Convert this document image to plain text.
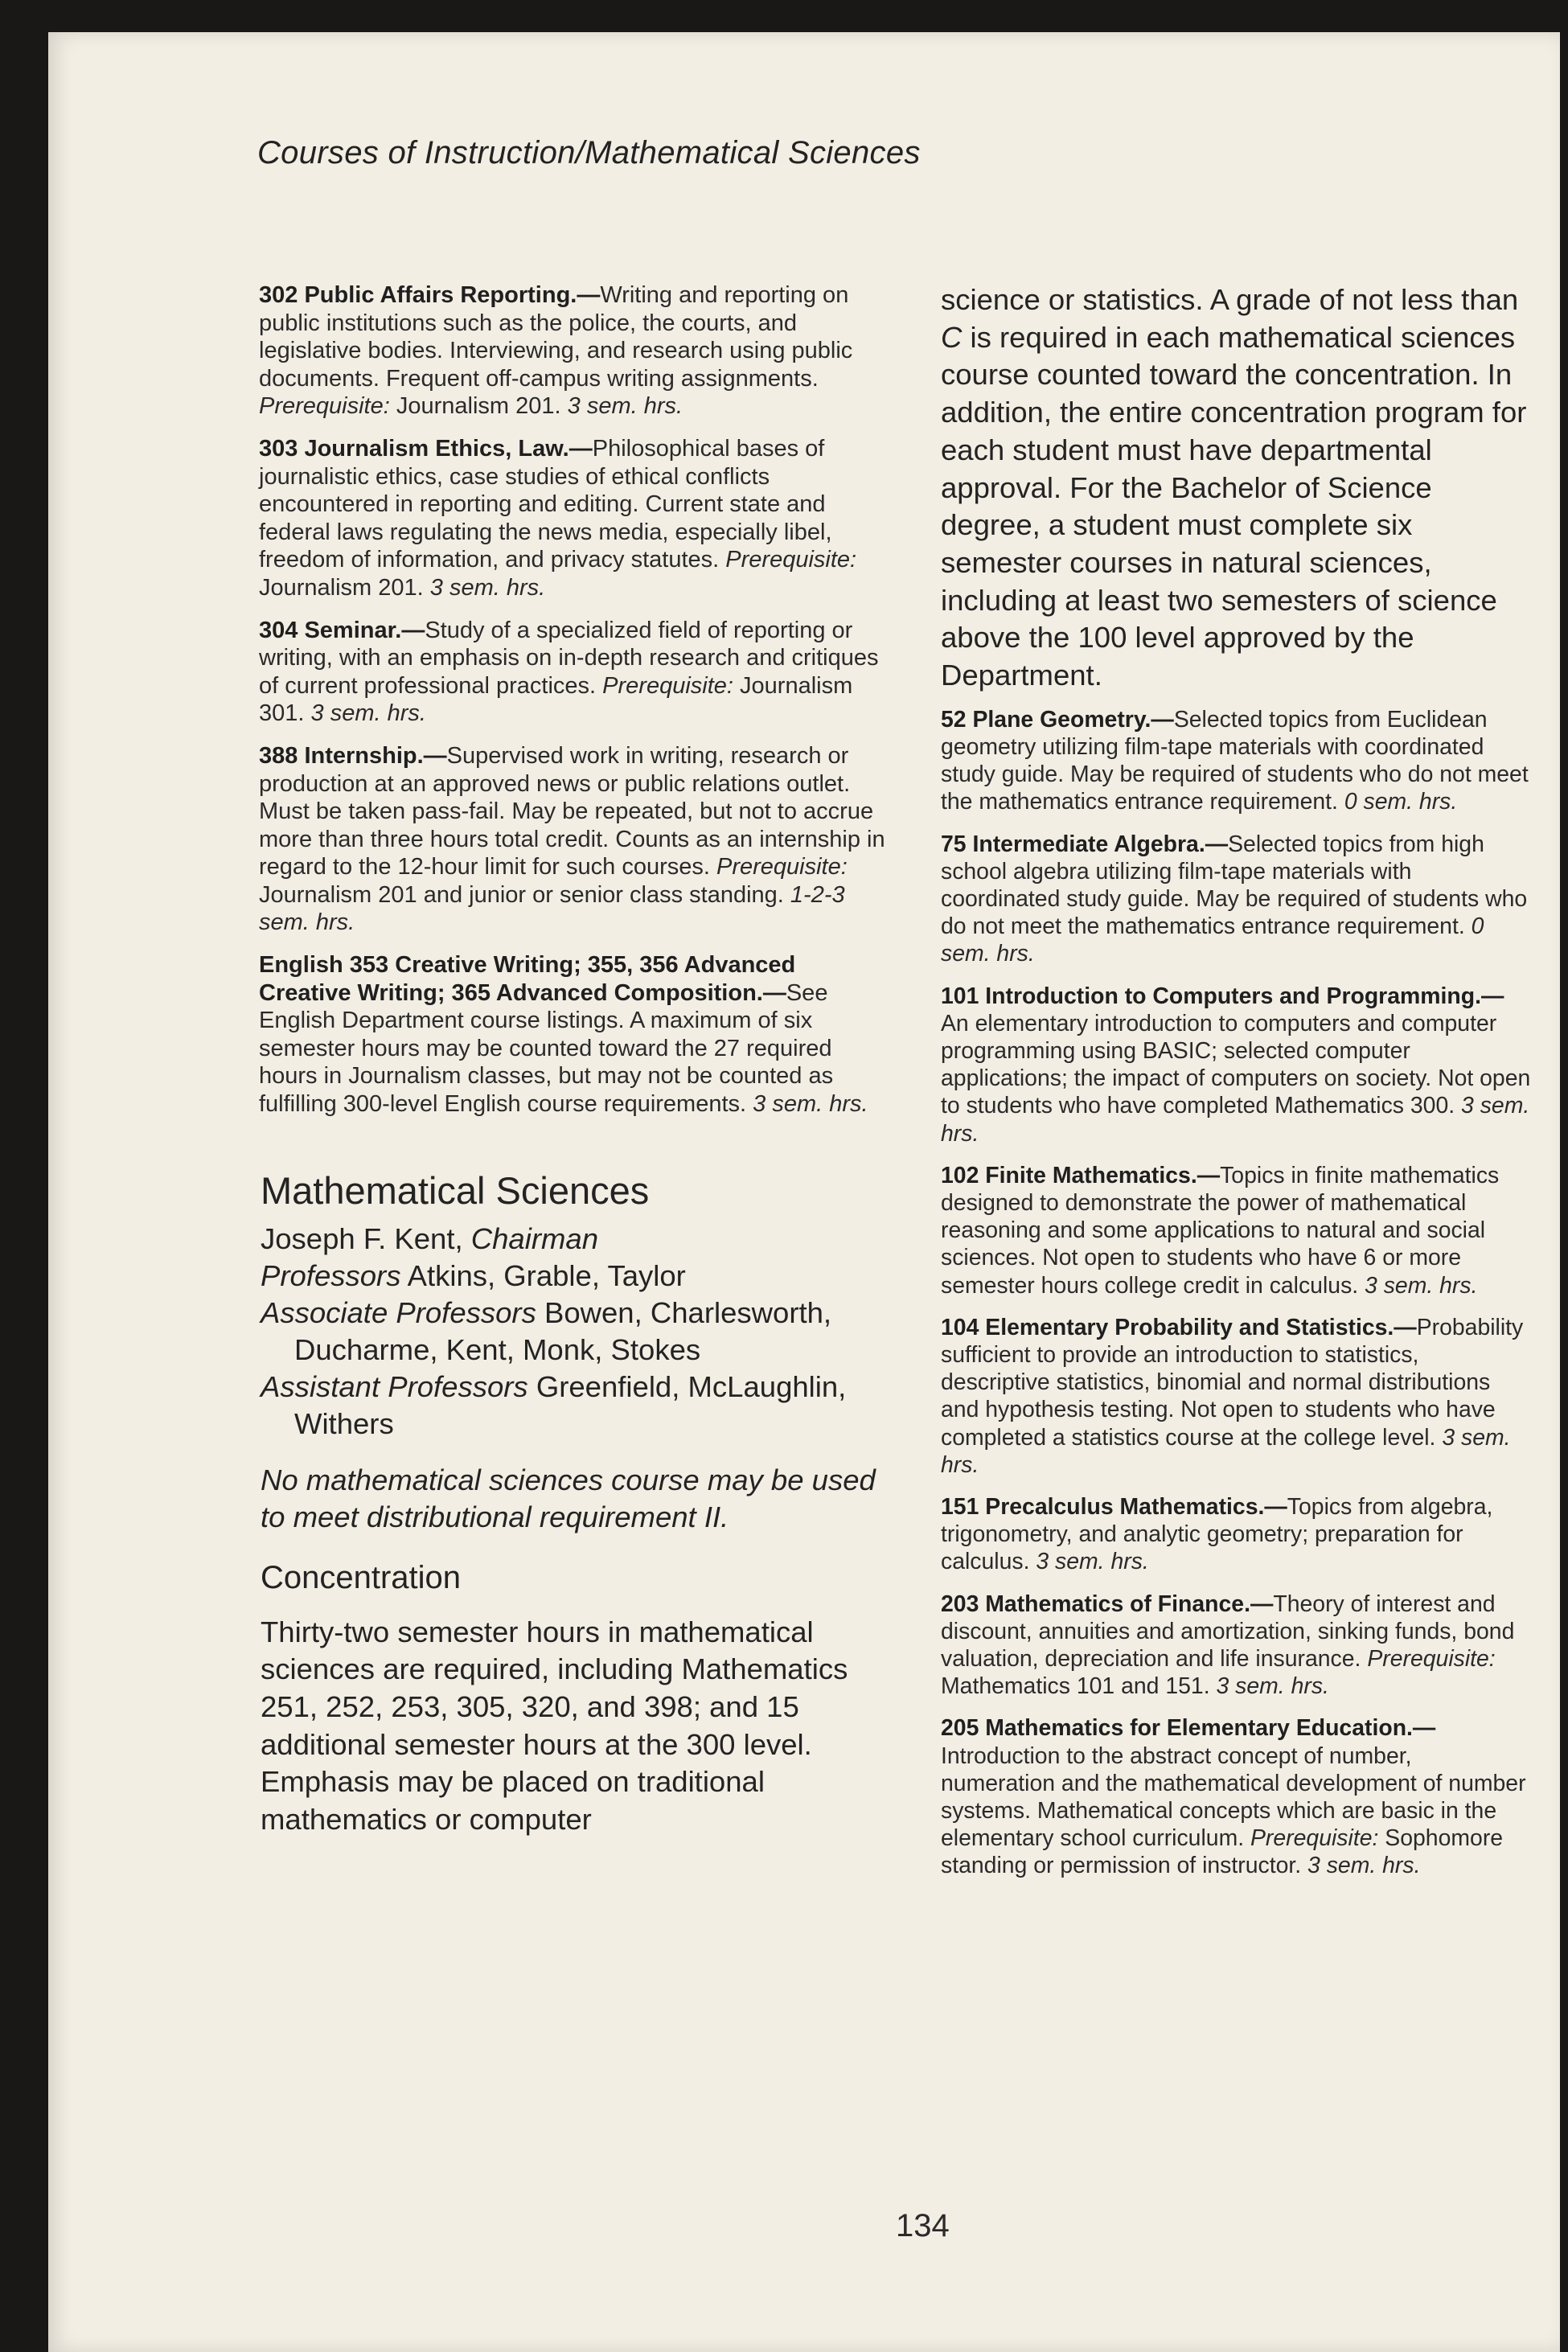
Courses of Instruction/Mathematical Sciences

302 Public Affairs Reporting.—Writing and reporting on public institutions such as the police, the courts, and legislative bodies. Interviewing, and research using public documents. Frequent off-campus writing assignments. Prerequisite: Journalism 201. 3 sem. hrs.

303 Journalism Ethics, Law.—Philosophical bases of journalistic ethics, case studies of ethical conflicts encountered in reporting and editing. Current state and federal laws regulating the news media, especially libel, freedom of information, and privacy statutes. Prerequisite: Journalism 201. 3 sem. hrs.

304 Seminar.—Study of a specialized field of reporting or writing, with an emphasis on in-depth research and critiques of current professional practices. Prerequisite: Journalism 301. 3 sem. hrs.

388 Internship.—Supervised work in writing, research or production at an approved news or public relations outlet. Must be taken pass-fail. May be repeated, but not to accrue more than three hours total credit. Counts as an internship in regard to the 12-hour limit for such courses. Prerequisite: Journalism 201 and junior or senior class standing. 1-2-3 sem. hrs.

English 353 Creative Writing; 355, 356 Advanced Creative Writing; 365 Advanced Composition.—See English Department course listings. A maximum of six semester hours may be counted toward the 27 required hours in Journalism classes, but may not be counted as fulfilling 300-level English course requirements. 3 sem. hrs.

Mathematical Sciences
Joseph F. Kent, Chairman
Professors Atkins, Grable, Taylor
Associate Professors Bowen, Charlesworth, Ducharme, Kent, Monk, Stokes
Assistant Professors Greenfield, McLaughlin, Withers
No mathematical sciences course may be used to meet distributional requirement II.
Concentration
Thirty-two semester hours in mathematical sciences are required, including Mathematics 251, 252, 253, 305, 320, and 398; and 15 additional semester hours at the 300 level. Emphasis may be placed on traditional mathematics or computer

science or statistics. A grade of not less than C is required in each mathematical sciences course counted toward the concentration. In addition, the entire concentration program for each student must have departmental approval. For the Bachelor of Science degree, a student must complete six semester courses in natural sciences, including at least two semesters of science above the 100 level approved by the Department.

52 Plane Geometry.—Selected topics from Euclidean geometry utilizing film-tape materials with coordinated study guide. May be required of students who do not meet the mathematics entrance requirement. 0 sem. hrs.

75 Intermediate Algebra.—Selected topics from high school algebra utilizing film-tape materials with coordinated study guide. May be required of students who do not meet the mathematics entrance requirement. 0 sem. hrs.

101 Introduction to Computers and Programming.—An elementary introduction to computers and computer programming using BASIC; selected computer applications; the impact of computers on society. Not open to students who have completed Mathematics 300. 3 sem. hrs.

102 Finite Mathematics.—Topics in finite mathematics designed to demonstrate the power of mathematical reasoning and some applications to natural and social sciences. Not open to students who have 6 or more semester hours college credit in calculus. 3 sem. hrs.

104 Elementary Probability and Statistics.—Probability sufficient to provide an introduction to statistics, descriptive statistics, binomial and normal distributions and hypothesis testing. Not open to students who have completed a statistics course at the college level. 3 sem. hrs.

151 Precalculus Mathematics.—Topics from algebra, trigonometry, and analytic geometry; preparation for calculus. 3 sem. hrs.

203 Mathematics of Finance.—Theory of interest and discount, annuities and amortization, sinking funds, bond valuation, depreciation and life insurance. Prerequisite: Mathematics 101 and 151. 3 sem. hrs.

205 Mathematics for Elementary Education.—Introduction to the abstract concept of number, numeration and the mathematical development of number systems. Mathematical concepts which are basic in the elementary school curriculum. Prerequisite: Sophomore standing or permission of instructor. 3 sem. hrs.

134
